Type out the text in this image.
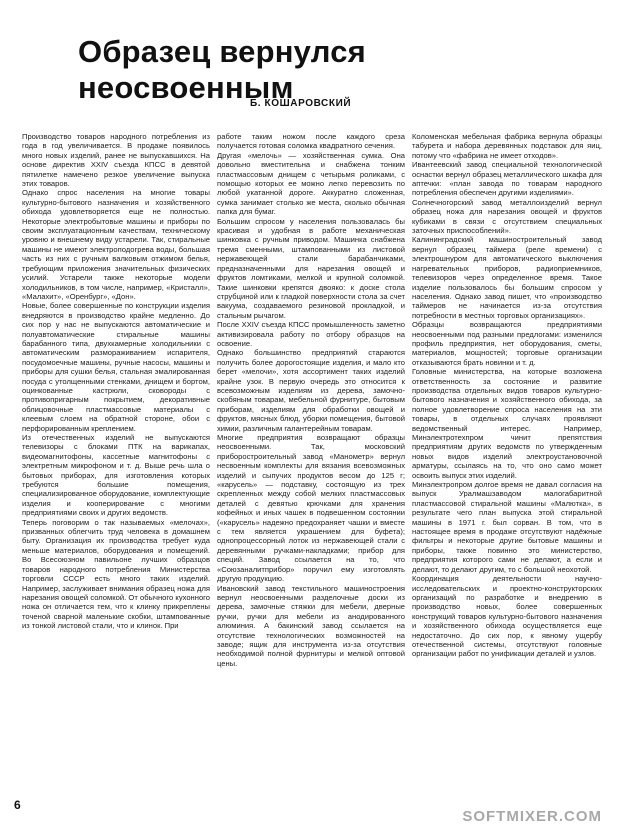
Образец вернулся неосвоенным
Б. КОШАРОВСКИЙ

Производство товаров народного потребления из года в год увеличивается. В продаже появилось много новых изделий, ранее не выпускавшихся. На основе директив XXIV съезда КПСС в девятой пятилетке намечено резкое увеличение выпуска этих товаров.

Однако спрос населения на многие товары культурно-бытового назначения и хозяйственного обихода удовлетворяется еще не полностью. Некоторые электробытовые машины и приборы по своим эксплуатационным качествам, техническому уровню и внешнему виду устарели. Так, стиральные машины не имеют электроподогрева воды, большая часть из них с ручным валковым отжимом белья, требующим приложения значительных физических усилий. Устарели также некоторые модели холодильников, в том числе, например, «Кристалл», «Малахит», «Оренбург», «Дон».

Новые, более совершенные по конструкции изделия внедряются в производство крайне медленно. До сих пор у нас не выпускаются автоматические и полуавтоматические стиральные машины барабанного типа, двухкамерные холодильники с автоматическим размораживанием испарителя, посудомоечные машины, ручные насосы, машины и приборы для сушки белья, стальная эмалированная посуда с утолщенными стенками, днищем и бортом, оцинкованные кастрюли, сковороды с противопригарным покрытием, декоративные облицовочные пластмассовые материалы с клеевым слоем на обратной стороне, обои с перфорированным креплением.

Из отечественных изделий не выпускаются телевизоры с блоками ПТК на варикапах, видеомагнитофоны, кассетные магнитофоны с электретным микрофоном и т. д. Выше речь шла о бытовых приборах, для изготовления которых требуются большие помещения, специализированное оборудование, комплектующие изделия и кооперирование с многими предприятиями своих и других ведомств.

Теперь поговорим о так называемых «мелочах», призванных облегчить труд человека в домашнем быту. Организация их производства требует куда меньше материалов, оборудования и помещений. Во Всесоюзном павильоне лучших образцов товаров народного потребления Министерства торговли СССР есть много таких изделий. Например, заслуживает внимания образец ножа для нарезания овощей соломкой. От обычного кухонного ножа он отличается тем, что к клинку прикреплены точеной сварной маленькие скобки, штампованные из тонкой листовой стали, что и клинок. При

работе таким ножом после каждого среза получается готовая соломка квадратного сечения.

Другая «мелочь» — хозяйственная сумка. Она довольно вместительна и снабжена тонким пластмассовым днищем с четырьмя роликами, с помощью которых ее можно легко перевозить по любой укатанной дороге. Аккуратно сложенная, сумка занимает столько же места, сколько обычная папка для бумаг.

Большим спросом у населения пользовалась бы красивая и удобная в работе механическая шинковка с ручным приводом. Машинка снабжена тремя сменными, штампованными из листовой нержавеющей стали барабанчиками, предназначенными для нарезания овощей и фруктов ломтиками, мелкой и крупной соломкой. Такие шинковки крепятся двояко: к доске стола струбциной или к гладкой поверхности стола за счет вакуума, создаваемого резиновой прокладкой, и стальным рычагом.

После XXIV съезда КПСС промышленность заметно активизировала работу по отбору образцов на освоение.

Однако большинство предприятий стараются получить более дорогостоящие изделия, и мало кто берет «мелочи», хотя ассортимент таких изделий крайне узок. В первую очередь это относится к всевозможным изделиям из дерева, замочно-скобяным товарам, мебельной фурнитуре, бытовым приборам, изделиям для обработки овощей и фруктов, мясных блюд, уборки помещения, бытовой химии, различным галантерейным товарам.

Многие предприятия возвращают образцы неосвоенными. Так, московский приборостроительный завод «Манометр» вернул несвоенным комплекты для вязания всевозможных изделий и сыпучих продуктов весом до 125 г; «карусель» — подставку, состоящую из трех скрепленных между собой мелких пластмассовых деталей с девятью крючками для хранения кофейных и иных чашек в подвешенном состоянии («карусель» надежно предохраняет чашки и вместе с тем является украшением для буфета); однопроцессорный лоток из нержавеющей стали с деревянными ручками-накладками; прибор для специй. Завод ссылается на то, что «Союзаналитприбор» поручил ему изготовлять другую продукцию.

Ивановский завод текстильного машиностроения вернул неосвоенными разделочные доски из дерева, замочные стяжки для мебели, дверные ручки, ручки для мебели из анодированного алюминия. А бакинский завод ссылается на отсутствие технологических возможностей на заводе; ящик для инструмента из-за отсутствия необходимой полной фурнитуры и мелкой оптовой цены.

Коломенская мебельная фабрика вернула образцы табурета и набора деревянных подставок для яиц, потому что «фабрика не имеет отходов».

Ивантеевский завод специальной технологической оснастки вернул образец металлического шкафа для аптечки: «план завода по товарам народного потребления обеспечен другими изделиями».

Солнечногорский завод металлоизделий вернул образец ножа для нарезания овощей и фруктов кубиками в связи с отсутствием специальных заточных приспособлений».

Калининградский машиностроительный завод вернул образец таймера (реле времени) с электрошнуром для автоматического выключения нагревательных приборов, радиоприемников, телевизоров через определенное время. Такое изделие пользовалось бы большим спросом у населения. Однако завод пишет, что «производство таймеров не начинается из-за отсутствия потребности в местных торговых организациях».

Образцы возвращаются предприятиями неосвоенными под разными предлогами: изменился профиль предприятия, нет оборудования, сметы, материалов, мощностей; торговые организации отказываются брать новинки и т. д.

Головные министерства, на которые возложена ответственность за состояние и развитие производства отдельных видов товаров культурно-бытового назначения и хозяйственного обихода, за полное удовлетворение спроса населения на эти товары, в отдельных случаях проявляют ведомственный интерес. Например, Минэлектротехпром чинит препятствия предприятиям других ведомств по утвержденным новых видов изделий электроустановочной арматуры, ссылаясь на то, что оно само может освоить выпуск этих изделий.

Минэлектропром долгое время не давал согласия на выпуск Уралмашзаводом малогабаритной пластмассовой стиральной машины «Малютка», в результате чего план выпуска этой стиральной машины в 1971 г. был сорван. В том, что в настоящее время в продаже отсутствуют надёжные фильтры и некоторые другие бытовые машины и приборы, также повинно это министерство, предприятия которого сами не делают, а если и делают, то делают другим, то с большой неохотой.

Координация деятельности научно-исследовательских и проектно-конструкторских организаций по разработке и внедрению в производство новых, более совершенных конструкций товаров культурно-бытового назначения и хозяйственного обихода осуществляется еще недостаточно. До сих пор, к явному ущербу отечественной системы, отсутствуют головные организации работ по унификации деталей и узлов.

6
SOFTMIXER.COM
